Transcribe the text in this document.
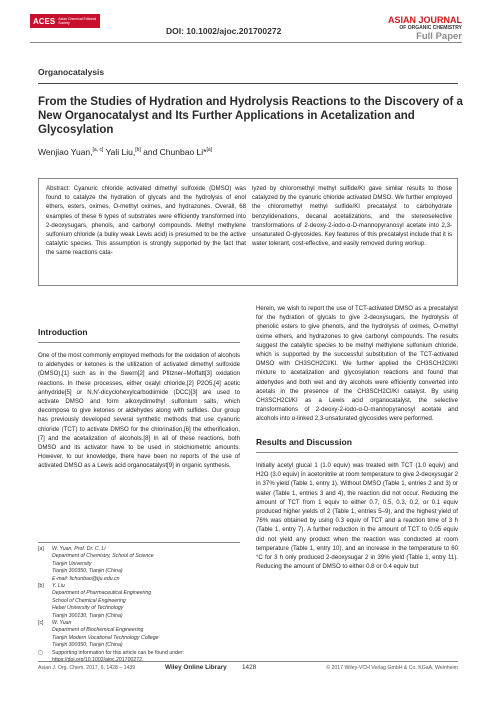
ACES Asian Chemical Editorial Society
DOI: 10.1002/ajoc.201700272
ASIAN JOURNAL
OF ORGANIC CHEMISTRY
Full Paper
Organocatalysis
From the Studies of Hydration and Hydrolysis Reactions to the Discovery of a New Organocatalyst and Its Further Applications in Acetalization and Glycosylation
Wenjiao Yuan,[a, c] Yali Liu,[b] and Chunbao Li*[a]
Abstract: Cyanuric chloride activated dimethyl sulfoxide (DMSO) was found to catalyze the hydration of glycals and the hydrolysis of enol ethers, esters, oximes, O-methyl oximes, and hydrazones. Overall, 68 examples of these 6 types of substrates were efficiently transformed into 2-deoxysugars, phenols, and carbonyl compounds. Methyl methylene sulfonium chloride (a bulky weak Lewis acid) is presumed to be the active catalytic species. This assumption is strongly supported by the fact that the same reactions cata-
lyzed by chloromethyl methyl sulfide/KI gave similar results to those catalyzed by the cyanuric chloride activated DMSO. We further employed the chloromethyl methyl sulfide/KI precatalyst to carbohydrate benzylidenations, decanal acetalizations, and the stereoselective transformations of 2-deoxy-2-iodo-α-D-mannopyranosyl acetate into 2,3-unsaturated O-glycosides. Key features of this precatalyst include that it is water tolerant, cost-effective, and easily removed during workup.
Introduction
One of the most commonly employed methods for the oxidation of alcohols to aldehydes or ketones is the utilization of activated dimethyl sulfoxide (DMSO),[1] such as in the Swern[2] and Pfitzner–Moffatt[3] oxidation reactions. In these processes, either oxalyl chloride,[2] P2O5,[4] acetic anhydride[5] or N,N'-dicyclohexylcarbodiimide (DCC)[3] are used to activate DMSO and form alkoxydimethyl sulfonium salts, which decompose to give ketones or aldehydes along with sulfides. Our group has previously developed several synthetic methods that use cyanuric chloride (TCT) to activate DMSO for the chlorination,[6] the etherification,[7] and the acetalization of alcohols.[8] In all of these reactions, both DMSO and its activator have to be used in stoichiometric amounts. However, to our knowledge, there have been no reports of the use of activated DMSO as a Lewis acid organocatalyst[9] in organic synthesis.
Herein, we wish to report the use of TCT-activated DMSO as a precatalyst for the hydration of glycals to give 2-deoxysugars, the hydrolysis of phenolic esters to give phenols, and the hydrolysis of oximes, O-methyl oxime ethers, and hydrazones to give carbonyl compounds. The results suggest the catalytic species to be methyl methylene sulfonium chloride, which is supported by the successful substitution of the TCT-activated DMSO with CH3SCH2Cl/KI. We further applied the CH3SCH2Cl/KI mixture to acetalization and glycosylation reactions and found that aldehydes and both wet and dry alcohols were efficiently converted into acetals in the presence of the CH3SCH2Cl/KI catalyst. By using CH3SCH2Cl/KI as a Lewis acid organocatalyst, the selective transformations of 2-deoxy-2-iodo-α-D-mannopyranosyl acetate and alcohols into α-linked 2,3-unsaturated glycosides were performed.
Results and Discussion
Initially acetyl glucal 1 (1.0 equiv) was treated with TCT (1.0 equiv) and H2O (3.0 equiv) in acetonitrile at room temperature to give 2-deoxysugar 2 in 37% yield (Table 1, entry 1). Without DMSO (Table 1, entries 2 and 3) or water (Table 1, entries 3 and 4), the reaction did not occur. Reducing the amount of TCT from 1 equiv to either 0.7, 0.5, 0.3, 0.2, or 0.1 equiv produced higher yields of 2 (Table 1, entries 5–9), and the highest yield of 76% was obtained by using 0.3 equiv of TCT and a reaction time of 3 h (Table 1, entry 7). A further reduction in the amount of TCT to 0.05 equiv did not yield any product when the reaction was conducted at room temperature (Table 1, entry 10), and an increase in the temperature to 60 °C for 3 h only produced 2-deoxysugar 2 in 39% yield (Table 1, entry 11). Reducing the amount of DMSO to either 0.8 or 0.4 equiv but
[a]	W. Yuan, Prof. Dr. C. Li
Department of Chemistry, School of Science
Tianjin University
Tianjin 300350, Tianjin (China)
E-mail: lichunbao@tju.edu.cn
[b]	Y. Liu
Department of Pharmaceutical Engineering
School of Chemical Engineering
Hebei University of Technology
Tianjin 300130, Tianjin (China)
[c]	W. Yuan
Department of Biochemical Engineering
Tianjin Modern Vocational Technology College
Tianjin 300350, Tianjin (China)
▢	Supporting information for this article can be found under:
https://doi.org/10.1002/ajoc.201700272.
Asian J. Org. Chem. 2017, 6, 1428 – 1439	Wiley Online Library 1428	© 2017 Wiley-VCH Verlag GmbH & Co. KGaA, Weinheim
